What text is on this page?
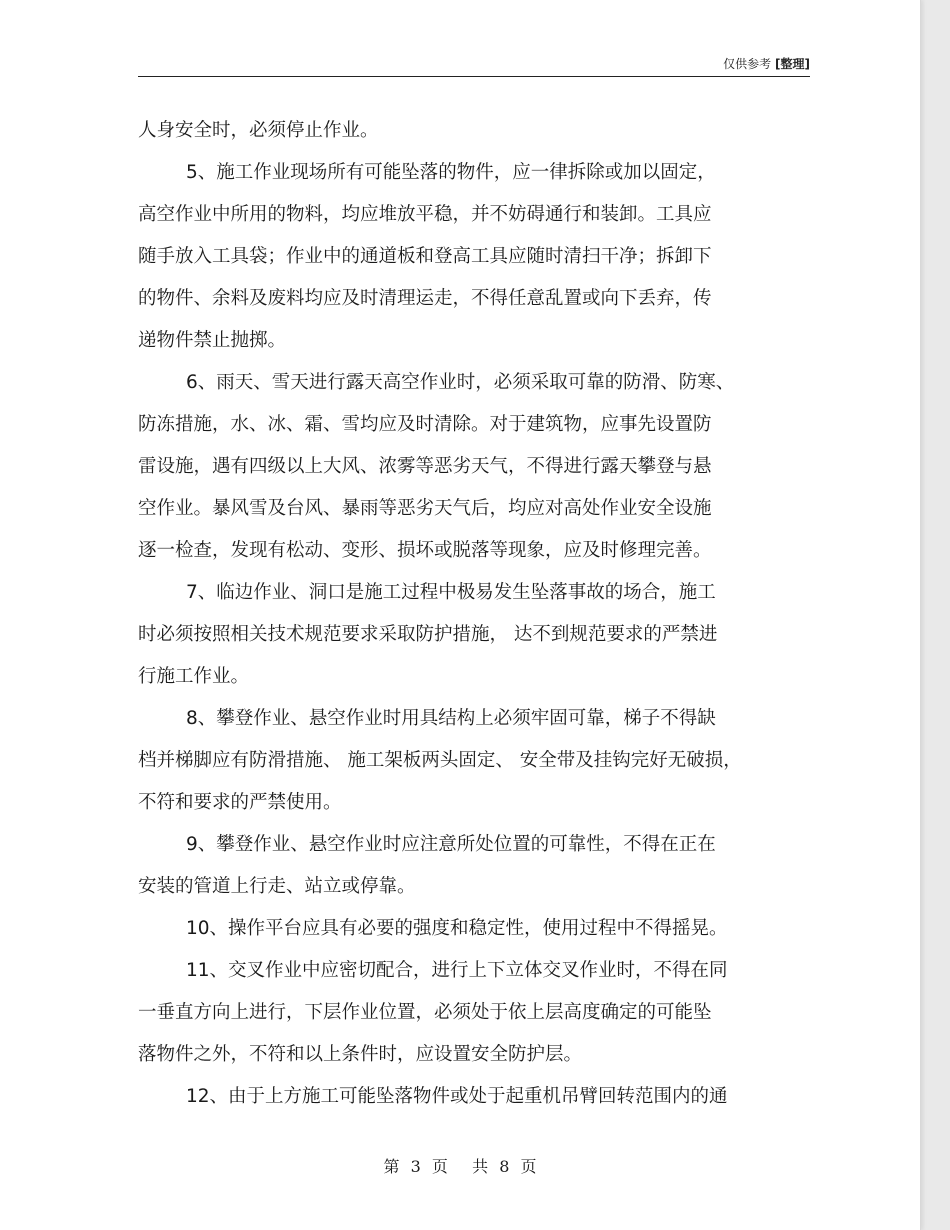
仅供参考 [整理]
人身安全时，必须停止作业。
5、施工作业现场所有可能坠落的物件，应一律拆除或加以固定，
高空作业中所用的物料，均应堆放平稳，并不妨碍通行和装卸。工具应
随手放入工具袋；作业中的通道板和登高工具应随时清扫干净；拆卸下
的物件、余料及废料均应及时清理运走，不得任意乱置或向下丢弃，传
递物件禁止抛掷。
6、雨天、雪天进行露天高空作业时，必须采取可靠的防滑、防寒、
防冻措施，水、冰、霜、雪均应及时清除。对于建筑物，应事先设置防
雷设施，遇有四级以上大风、浓雾等恶劣天气，不得进行露天攀登与悬
空作业。暴风雪及台风、暴雨等恶劣天气后，均应对高处作业安全设施
逐一检查，发现有松动、变形、损坏或脱落等现象，应及时修理完善。
7、临边作业、洞口是施工过程中极易发生坠落事故的场合，施工
时必须按照相关技术规范要求采取防护措施， 达不到规范要求的严禁进
行施工作业。
8、攀登作业、悬空作业时用具结构上必须牢固可靠，梯子不得缺
档并梯脚应有防滑措施、 施工架板两头固定、 安全带及挂钩完好无破损，
不符和要求的严禁使用。
9、攀登作业、悬空作业时应注意所处位置的可靠性，不得在正在
安装的管道上行走、站立或停靠。
10、操作平台应具有必要的强度和稳定性，使用过程中不得摇晃。
11、交叉作业中应密切配合，进行上下立体交叉作业时，不得在同
一垂直方向上进行，下层作业位置，必须处于依上层高度确定的可能坠
落物件之外，不符和以上条件时，应设置安全防护层。
12、由于上方施工可能坠落物件或处于起重机吊臂回转范围内的通
第 3 页 共 8 页
